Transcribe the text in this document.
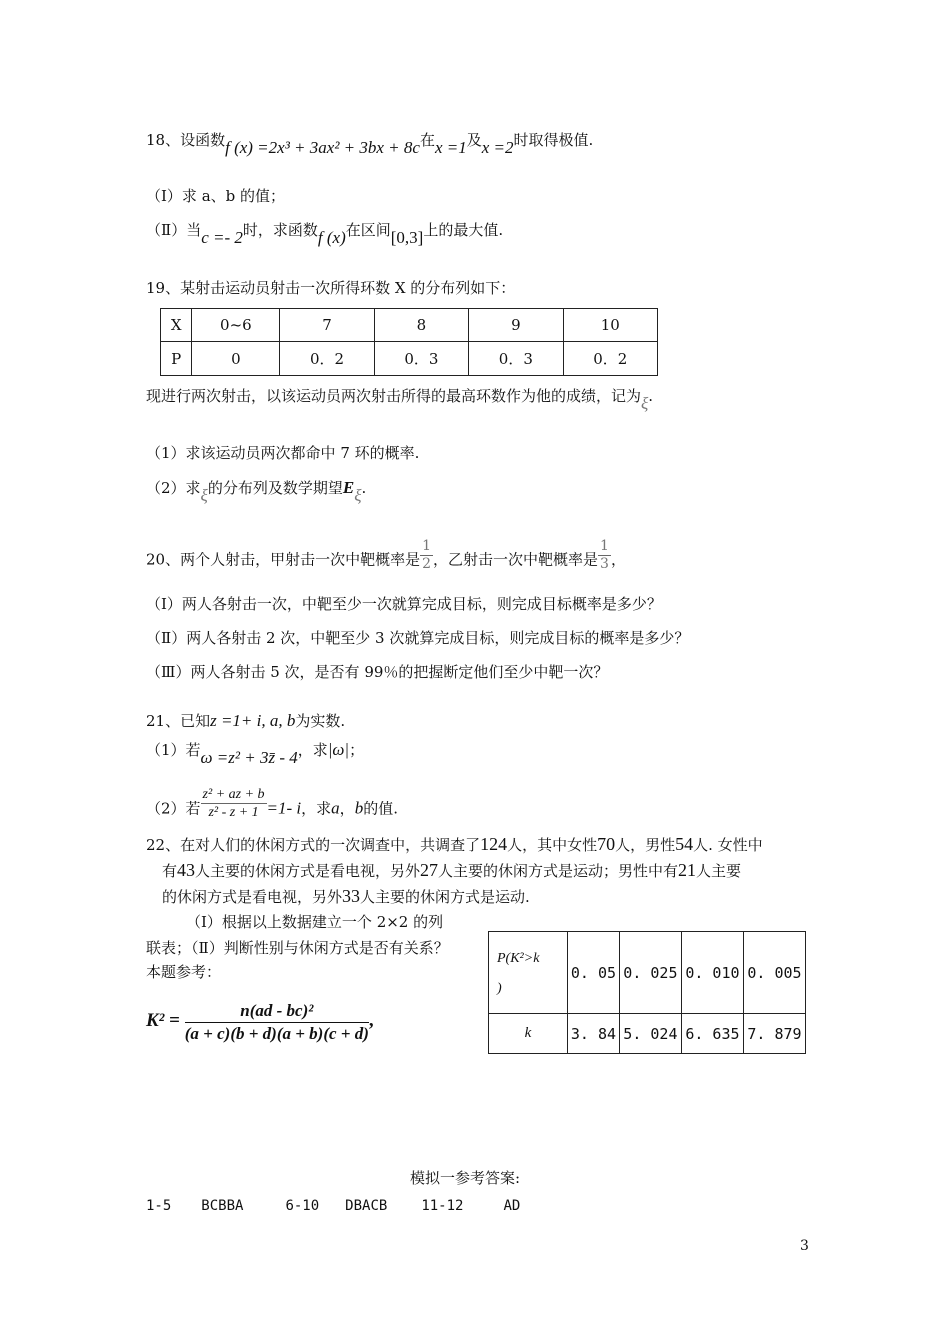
18、设函数f (x) =2x³ + 3ax² + 3bx + 8c在x =1及x =2时取得极值.
（Ⅰ）求 a、b 的值；
（Ⅱ）当c =- 2时，求函数f (x)在区间[0,3]上的最大值.
19、某射击运动员射击一次所得环数 X 的分布列如下：
X	0~6	7	8	9	10
P	0	0．2	0．3	0．3	0．2
现进行两次射击，以该运动员两次射击所得的最高环数作为他的成绩，记为ξ.
（1）求该运动员两次都命中 7 环的概率.
（2）求ξ的分布列及数学期望Eξ.
20、两个人射击，甲射击一次中靶概率是 $\frac{1}{2}$ ，乙射击一次中靶概率是 $\frac{1}{3}$ ，
（Ⅰ）两人各射击一次，中靶至少一次就算完成目标，则完成目标概率是多少？
（Ⅱ）两人各射击 2 次，中靶至少 3 次就算完成目标，则完成目标的概率是多少？
（Ⅲ）两人各射击 5 次，是否有 99％的把握断定他们至少中靶一次？
21、已知z =1+ i, a, b为实数.
（1）若ω =z² + 3z̄ - 4，求|ω|；
（2）若 $\frac{\text{z² + az + b}}{\text{z² - z + 1}} =1-$ i，求a，b的值.
22、在对人们的休闲方式的一次调查中，共调查了124人，其中女性70人，男性54人. 女性中
有43人主要的休闲方式是看电视，另外27人主要的休闲方式是运动；男性中有21人主要
的休闲方式是看电视，另外33人主要的休闲方式是运动.
（Ⅰ）根据以上数据建立一个 2×2 的列
联表；（Ⅱ）判断性别与休闲方式是否有关系？
本题参考：
$K^2 = \frac{\text{n(ad - bc)²}}{(a + c)(b + d)(a + b)(c + d)}$ ,
P(K²>k
)	0. 05	0. 025	0. 010	0. 005
k	3. 84	5. 024	6. 635	7. 879
模拟一参考答案:
1-5 BCBBA	6-10 DBACB 11-12	AD
3
